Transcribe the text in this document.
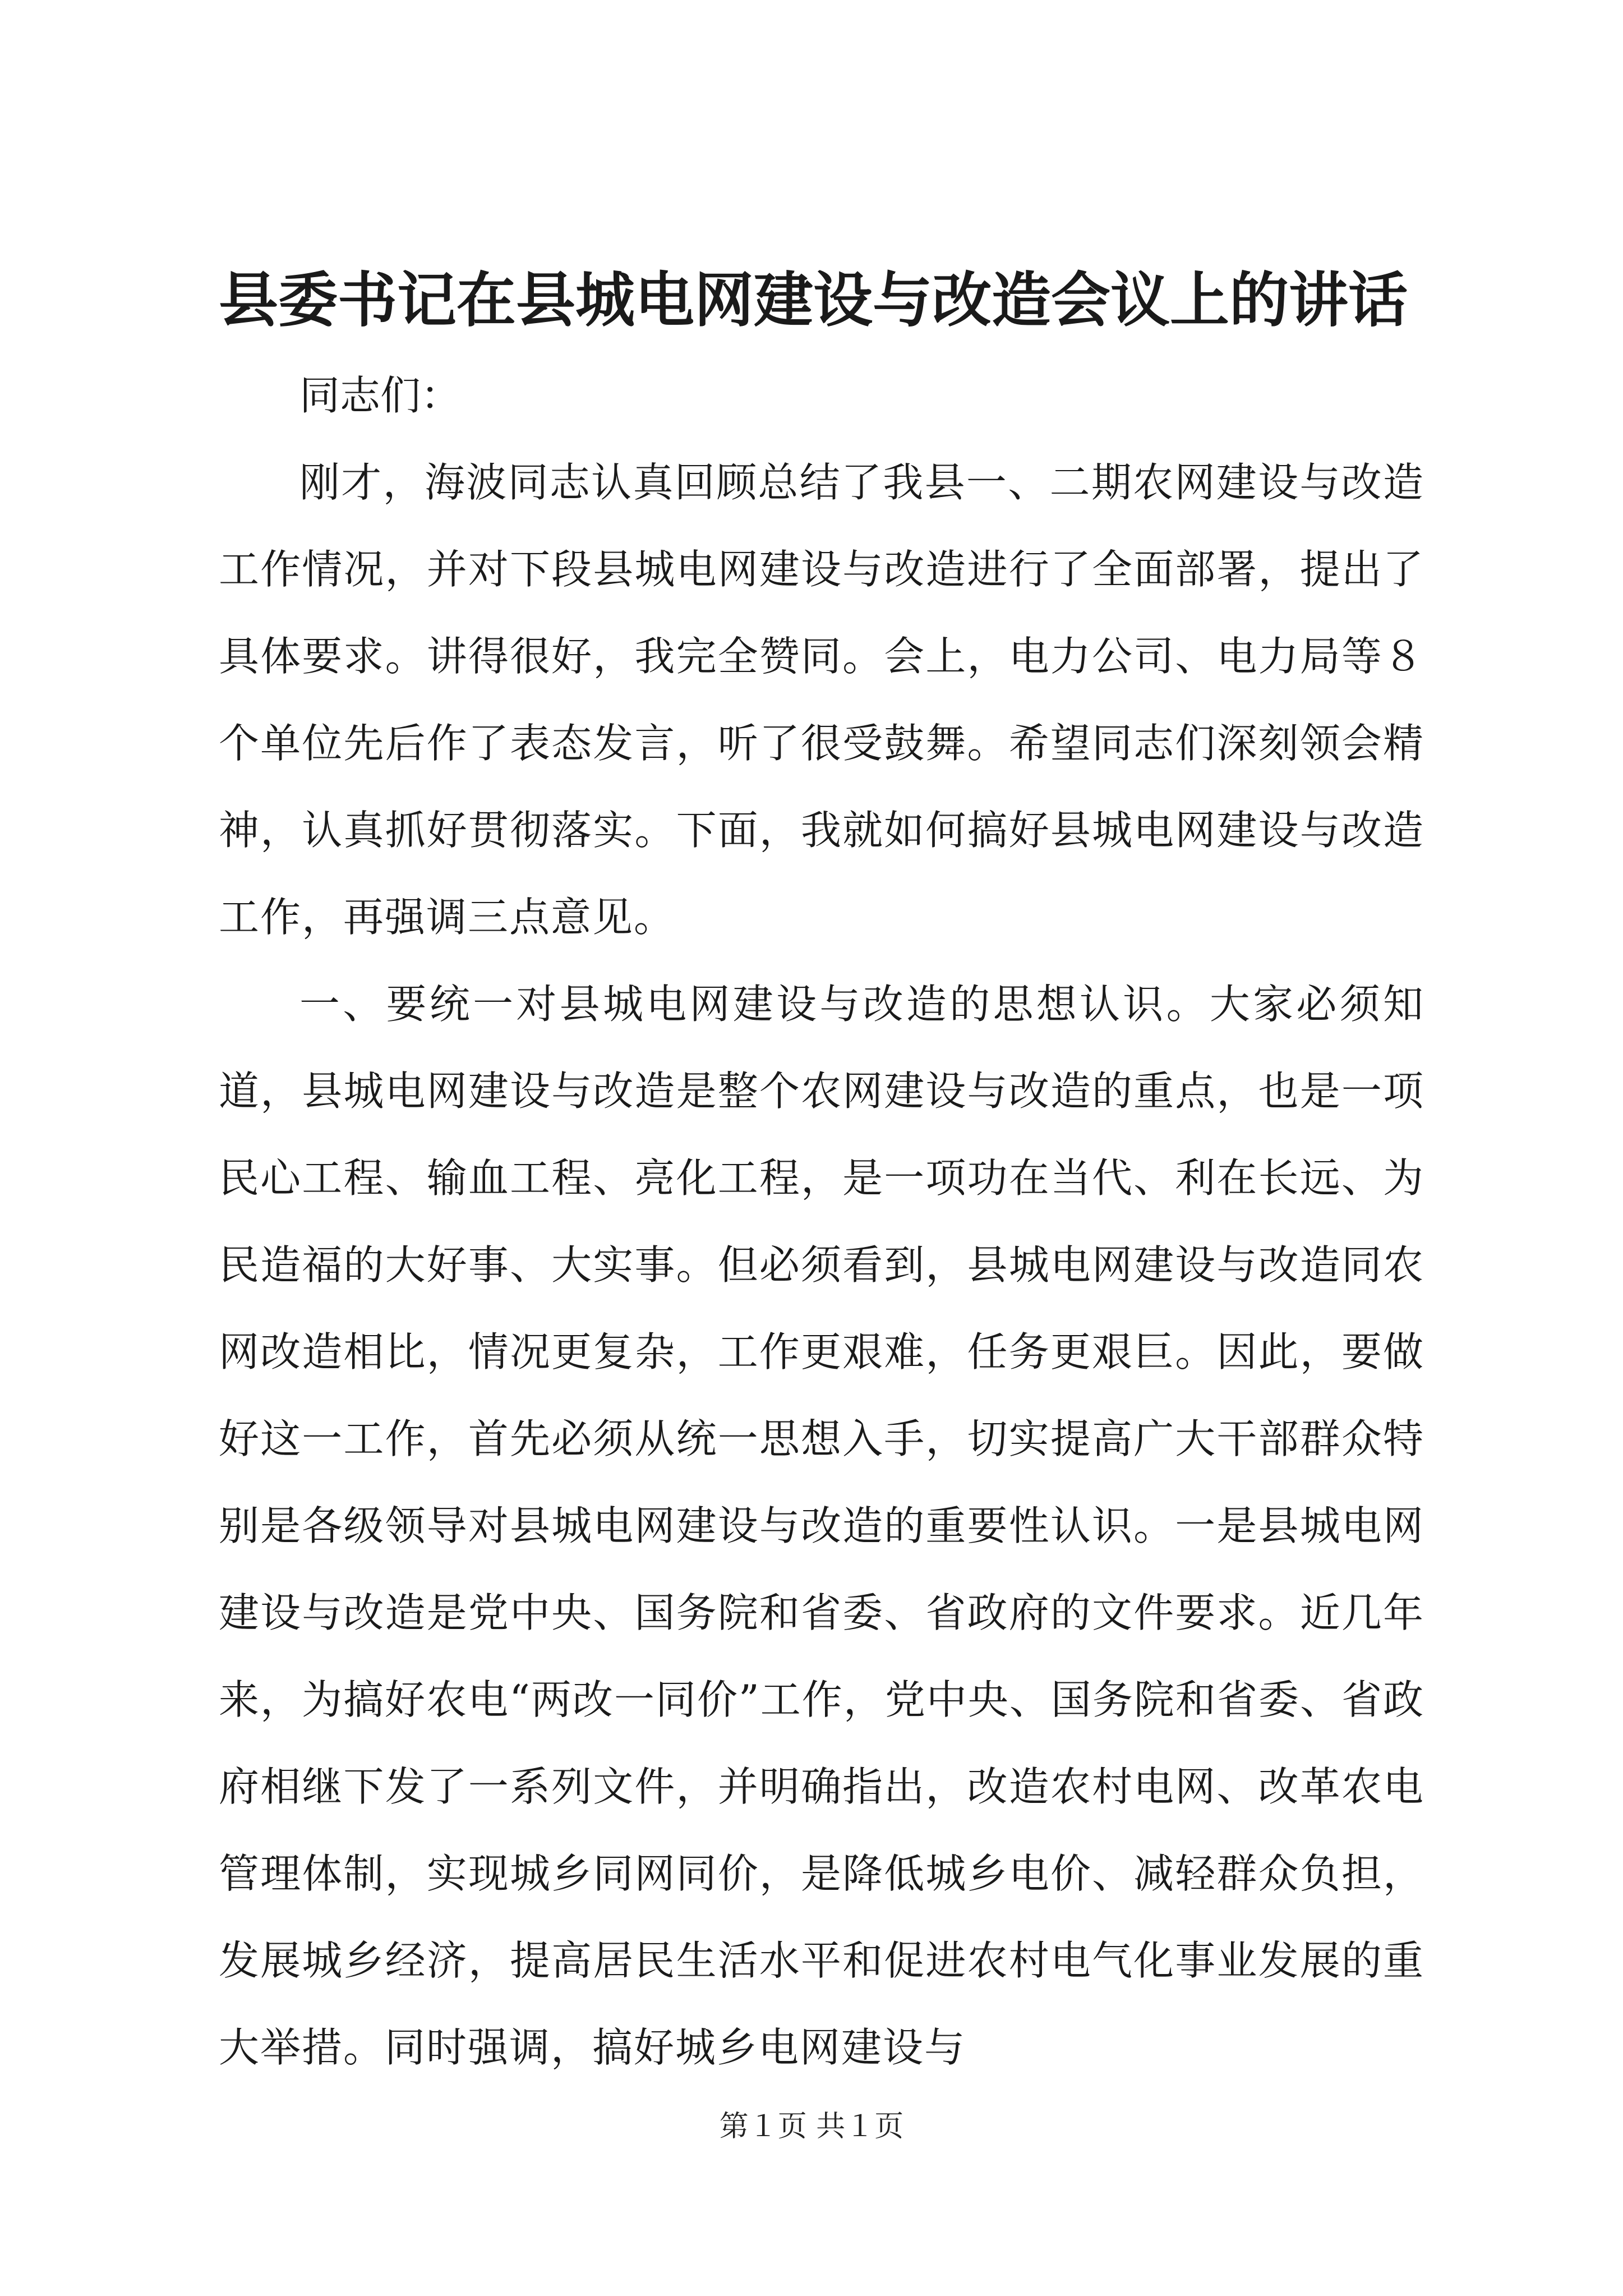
县委书记在县城电网建设与改造会议上的讲话

同志们：

刚才，海波同志认真回顾总结了我县一、二期农网建设与改造工作情况，并对下段县城电网建设与改造进行了全面部署，提出了具体要求。讲得很好，我完全赞同。会上，电力公司、电力局等８个单位先后作了表态发言，听了很受鼓舞。希望同志们深刻领会精神，认真抓好贯彻落实。下面，我就如何搞好县城电网建设与改造工作，再强调三点意见。

一、要统一对县城电网建设与改造的思想认识。大家必须知道，县城电网建设与改造是整个农网建设与改造的重点，也是一项民心工程、输血工程、亮化工程，是一项功在当代、利在长远、为民造福的大好事、大实事。但必须看到，县城电网建设与改造同农网改造相比，情况更复杂，工作更艰难，任务更艰巨。因此，要做好这一工作，首先必须从统一思想入手，切实提高广大干部群众特别是各级领导对县城电网建设与改造的重要性认识。一是县城电网建设与改造是党中央、国务院和省委、省政府的文件要求。近几年来，为搞好农电“两改一同价”工作，党中央、国务院和省委、省政府相继下发了一系列文件，并明确指出，改造农村电网、改革农电管理体制，实现城乡同网同价，是降低城乡电价、减轻群众负担，发展城乡经济，提高居民生活水平和促进农村电气化事业发展的重大举措。同时强调，搞好城乡电网建设与

第１页 共１页
